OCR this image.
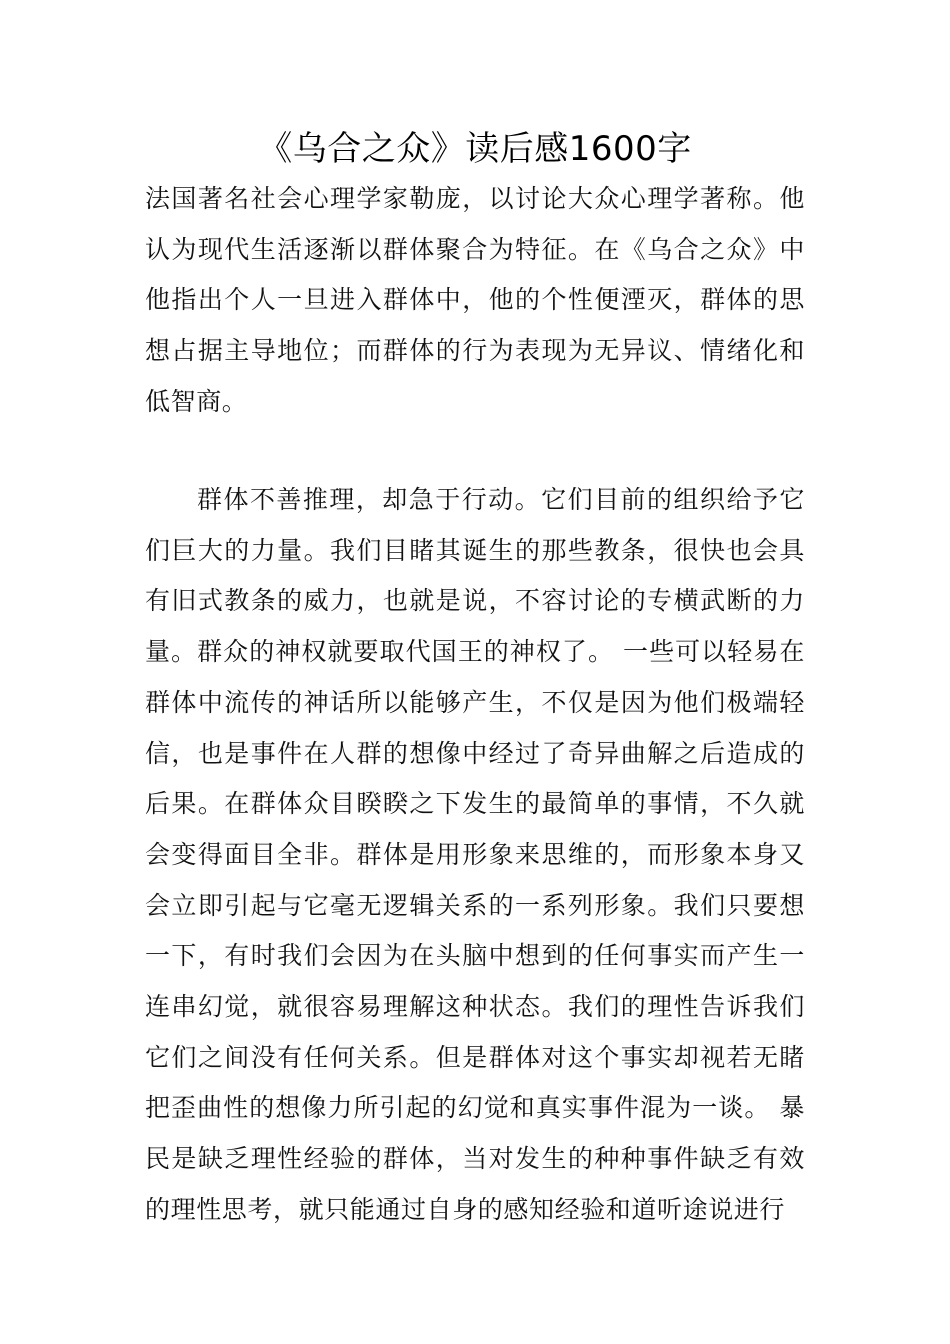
《乌合之众》读后感1600字
法国著名社会心理学家勒庞，以讨论大众心理学著称。他认为现代生活逐渐以群体聚合为特征。在《乌合之众》中他指出个人一旦进入群体中，他的个性便湮灭，群体的思想占据主导地位；而群体的行为表现为无异议、情绪化和低智商。
群体不善推理，却急于行动。它们目前的组织给予它们巨大的力量。我们目睹其诞生的那些教条，很快也会具有旧式教条的威力，也就是说，不容讨论的专横武断的力量。群众的神权就要取代国王的神权了。 一些可以轻易在群体中流传的神话所以能够产生，不仅是因为他们极端轻信，也是事件在人群的想像中经过了奇异曲解之后造成的后果。在群体众目睽睽之下发生的最简单的事情，不久就会变得面目全非。群体是用形象来思维的，而形象本身又会立即引起与它毫无逻辑关系的一系列形象。我们只要想一下，有时我们会因为在头脑中想到的任何事实而产生一连串幻觉，就很容易理解这种状态。我们的理性告诉我们它们之间没有任何关系。但是群体对这个事实却视若无睹把歪曲性的想像力所引起的幻觉和真实事件混为一谈。 暴民是缺乏理性经验的群体，当对发生的种种事件缺乏有效的理性思考，就只能通过自身的感知经验和道听途说进行
